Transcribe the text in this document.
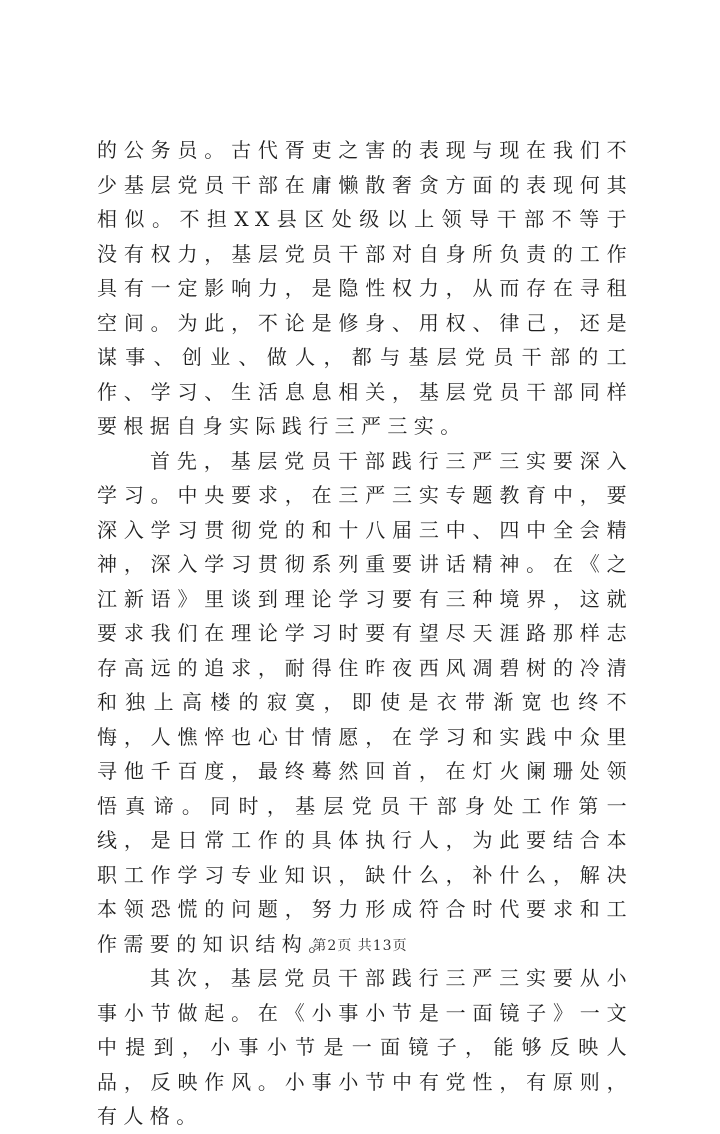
的公务员。古代胥吏之害的表现与现在我们不少基层党员干部在庸懒散奢贪方面的表现何其相似。不担XX县区处级以上领导干部不等于没有权力，基层党员干部对自身所负责的工作具有一定影响力，是隐性权力，从而存在寻租空间。为此，不论是修身、用权、律己，还是谋事、创业、做人，都与基层党员干部的工作、学习、生活息息相关，基层党员干部同样要根据自身实际践行三严三实。

首先，基层党员干部践行三严三实要深入学习。中央要求，在三严三实专题教育中，要深入学习贯彻党的和十八届三中、四中全会精神，深入学习贯彻系列重要讲话精神。在《之江新语》里谈到理论学习要有三种境界，这就要求我们在理论学习时要有望尽天涯路那样志存高远的追求，耐得住昨夜西风凋碧树的冷清和独上高楼的寂寞，即使是衣带渐宽也终不悔，人憔悴也心甘情愿，在学习和实践中众里寻他千百度，最终蓦然回首，在灯火阑珊处领悟真谛。同时，基层党员干部身处工作第一线，是日常工作的具体执行人，为此要结合本职工作学习专业知识，缺什么，补什么，解决本领恐慌的问题，努力形成符合时代要求和工作需要的知识结构。

其次，基层党员干部践行三严三实要从小事小节做起。在《小事小节是一面镜子》一文中提到，小事小节是一面镜子，能够反映人品，反映作风。小事小节中有党性，有原则，有人格。

第2页 共13页
